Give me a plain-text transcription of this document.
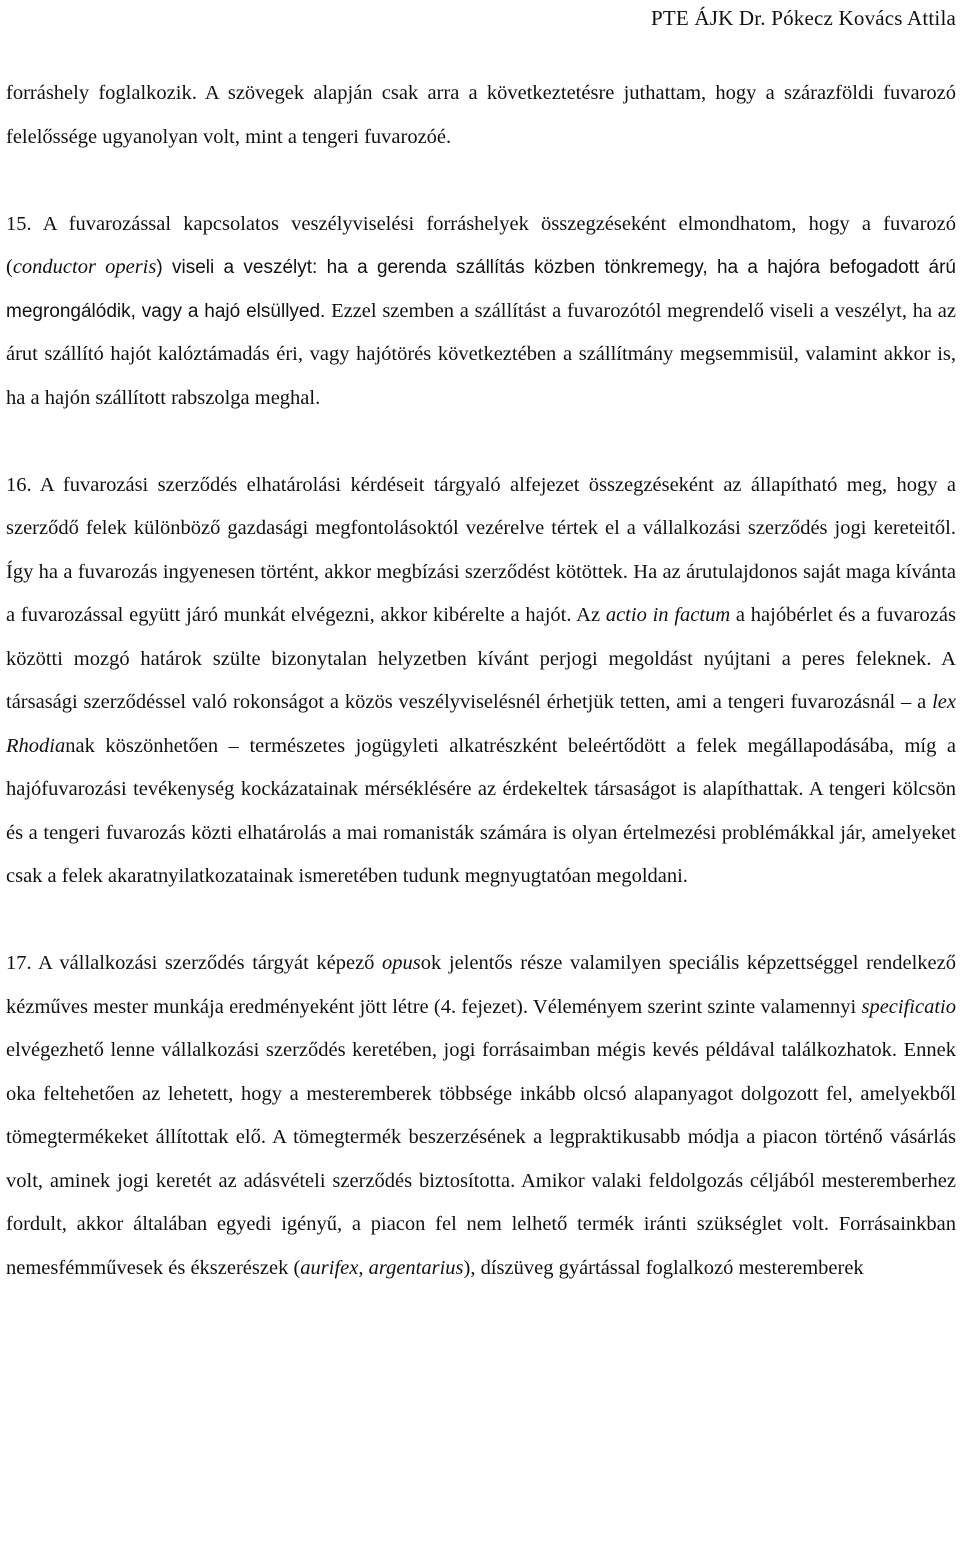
PTE ÁJK Dr. Pókecz Kovács Attila

forráshely foglalkozik. A szövegek alapján csak arra a következtetésre juthattam, hogy a szárazföldi fuvarozó felelőssége ugyanolyan volt, mint a tengeri fuvarozóé.

15. A fuvarozással kapcsolatos veszélyviselési forráshelyek összegzéseként elmondhatom, hogy a fuvarozó (conductor operis) viseli a veszélyt: ha a gerenda szállítás közben tönkremegy, ha a hajóra befogadott árú megrongálódik, vagy a hajó elsüllyed. Ezzel szemben a szállítást a fuvarozótól megrendelő viseli a veszélyt, ha az árut szállító hajót kalóztámadás éri, vagy hajótörés következtében a szállítmány megsemmisül, valamint akkor is, ha a hajón szállított rabszolga meghal.

16. A fuvarozási szerződés elhatárolási kérdéseit tárgyaló alfejezet összegzéseként az állapítható meg, hogy a szerződő felek különböző gazdasági megfontolásoktól vezérelve tértek el a vállalkozási szerződés jogi kereteitől. Így ha a fuvarozás ingyenesen történt, akkor megbízási szerződést kötöttek. Ha az árutulajdonos saját maga kívánta a fuvarozással együtt járó munkát elvégezni, akkor kibérelte a hajót. Az actio in factum a hajóbérlet és a fuvarozás közötti mozgó határok szülte bizonytalan helyzetben kívánt perjogi megoldást nyújtani a peres feleknek. A társasági szerződéssel való rokonságot a közös veszélyviselésnél érhetjük tetten, ami a tengeri fuvarozásnál – a lex Rhodianak köszönhetően – természetes jogügyleti alkatrészként beleértődött a felek megállapodásába, míg a hajófuvarozási tevékenység kockázatainak mérséklésére az érdekeltek társaságot is alapíthattak. A tengeri kölcsön és a tengeri fuvarozás közti elhatárolás a mai romanisták számára is olyan értelmezési problémákkal jár, amelyeket csak a felek akaratnyilatkozatainak ismeretében tudunk megnyugtatóan megoldani.

17. A vállalkozási szerződés tárgyát képező opusok jelentős része valamilyen speciális képzettséggel rendelkező kézműves mester munkája eredményeként jött létre (4. fejezet). Véleményem szerint szinte valamennyi specificatio elvégezhető lenne vállalkozási szerződés keretében, jogi forrásaimban mégis kevés példával találkozhatok. Ennek oka feltehetően az lehetett, hogy a mesteremberek többsége inkább olcsó alapanyagot dolgozott fel, amelyekből tömegtermékeket állítottak elő. A tömegtermék beszerzésének a legpraktikusabb módja a piacon történő vásárlás volt, aminek jogi keretét az adásvételi szerződés biztosította. Amikor valaki feldolgozás céljából mesteremberhez fordult, akkor általában egyedi igényű, a piacon fel nem lelhető termék iránti szükséglet volt. Forrásainkban nemesfémművesek és ékszerészek (aurifex, argentarius), díszüveg gyártással foglalkozó mesteremberek
